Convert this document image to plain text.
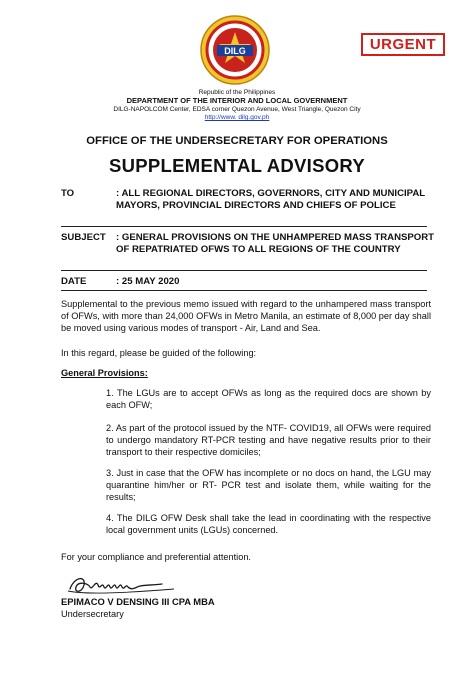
DILG	URGENT
Republic of the Philippines
DEPARTMENT OF THE INTERIOR AND LOCAL GOVERNMENT
DILG-NAPOLCOM Center, EDSA corner Quezon Avenue, West Triangle, Quezon City
http://www. dilg.gov.ph
OFFICE OF THE UNDERSECRETARY FOR OPERATIONS
SUPPLEMENTAL ADVISORY
TO	: ALL REGIONAL DIRECTORS, GOVERNORS, CITY AND MUNICIPAL MAYORS, PROVINCIAL DIRECTORS AND CHIEFS OF POLICE
SUBJECT : GENERAL PROVISIONS ON THE UNHAMPERED MASS TRANSPORT OF REPATRIATED OFWS TO ALL REGIONS OF THE COUNTRY
DATE	: 25 MAY 2020
Supplemental to the previous memo issued with regard to the unhampered mass transport of OFWs, with more than 24,000 OFWs in Metro Manila, an estimate of 8,000 per day shall be moved using various modes of transport - Air, Land and Sea.
In this regard, please be guided of the following:
General Provisions:
1. The LGUs are to accept OFWs as long as the required docs are shown by each OFW;
2. As part of the protocol issued by the NTF- COVID19, all OFWs were required to undergo mandatory RT-PCR testing and have negative results prior to their transport to their respective domiciles;
3. Just in case that the OFW has incomplete or no docs on hand, the LGU may quarantine him/her or RT- PCR test and isolate them, while waiting for the results;
4. The DILG OFW Desk shall take the lead in coordinating with the respective local government units (LGUs) concerned.
For your compliance and preferential attention.
EPIMACO V DENSING III CPA MBA
Undersecretary
